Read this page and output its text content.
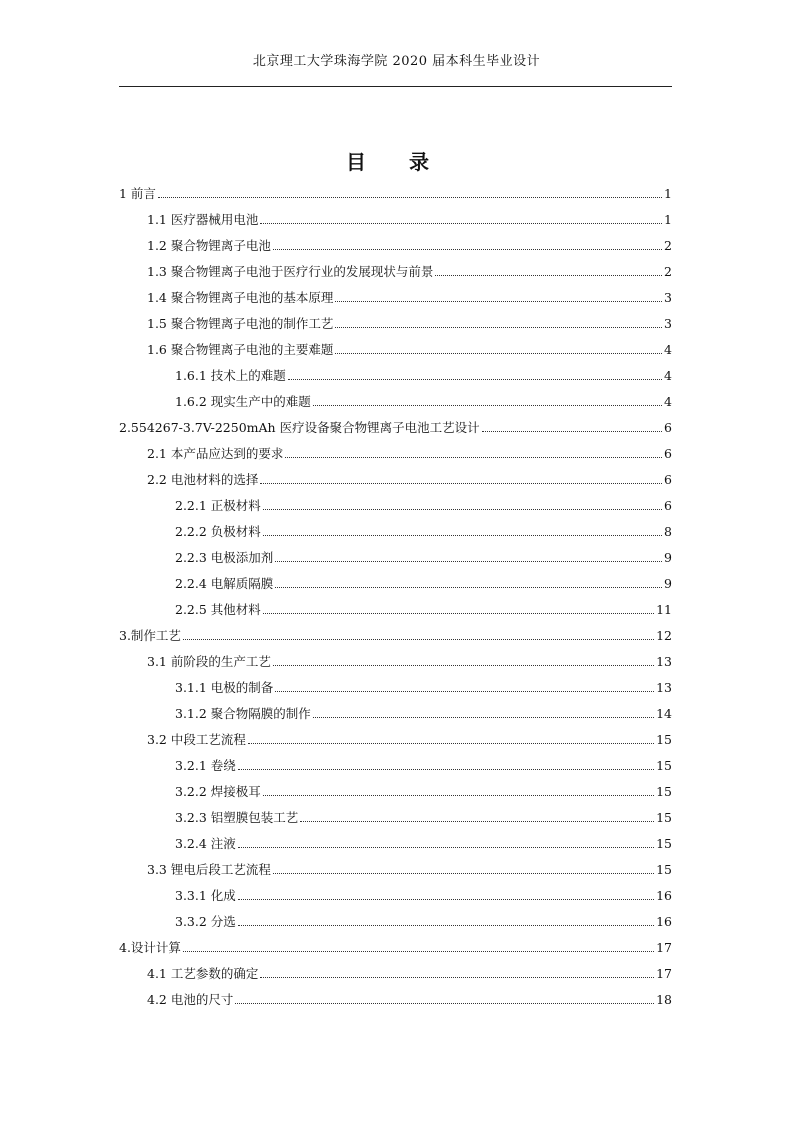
北京理工大学珠海学院 2020 届本科生毕业设计
目 录
1 前言	1
1.1 医疗器械用电池	1
1.2 聚合物锂离子电池	2
1.3 聚合物锂离子电池于医疗行业的发展现状与前景	2
1.4 聚合物锂离子电池的基本原理	3
1.5 聚合物锂离子电池的制作工艺	3
1.6 聚合物锂离子电池的主要难题	4
1.6.1 技术上的难题	4
1.6.2 现实生产中的难题	4
2.554267-3.7V-2250mAh 医疗设备聚合物锂离子电池工艺设计	6
2.1 本产品应达到的要求	6
2.2 电池材料的选择	6
2.2.1 正极材料	6
2.2.2 负极材料	8
2.2.3 电极添加剂	9
2.2.4 电解质隔膜	9
2.2.5 其他材料	11
3.制作工艺	12
3.1 前阶段的生产工艺	13
3.1.1 电极的制备	13
3.1.2 聚合物隔膜的制作	14
3.2 中段工艺流程	15
3.2.1 卷绕	15
3.2.2 焊接极耳	15
3.2.3 铝塑膜包装工艺	15
3.2.4 注液	15
3.3 锂电后段工艺流程	15
3.3.1 化成	16
3.3.2 分选	16
4.设计计算	17
4.1 工艺参数的确定	17
4.2 电池的尺寸	18
